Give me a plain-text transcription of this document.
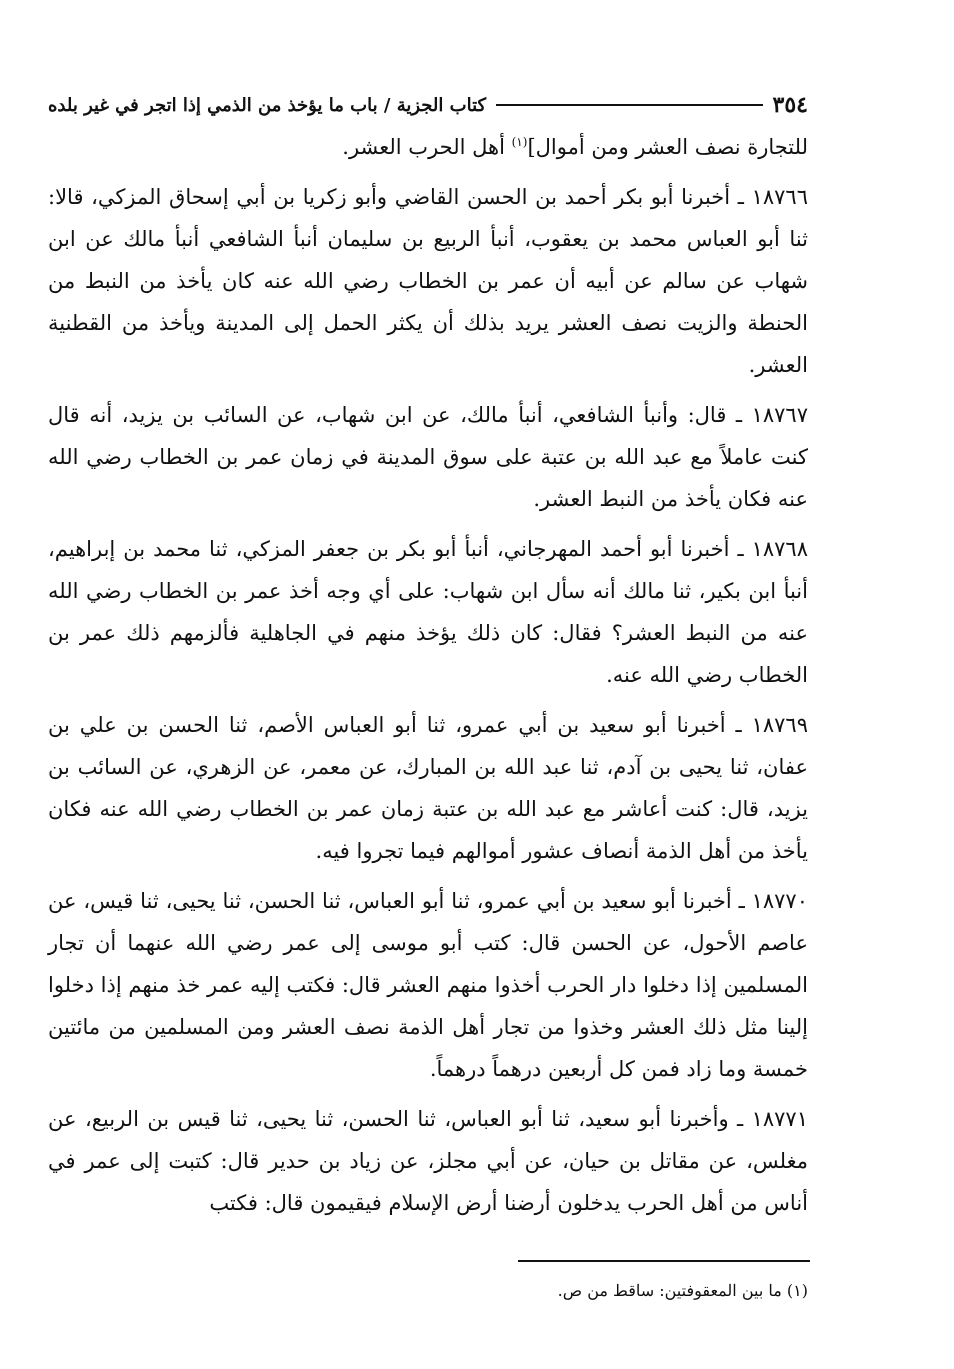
٣٥٤
كتاب الجزية / باب ما يؤخذ من الذمي إذا اتجر في غير بلده

للتجارة نصف العشر ومن أموال]$^{(١)}$ أهل الحرب العشر.

١٨٧٦٦ ـ أخبرنا أبو بكر أحمد بن الحسن القاضي وأبو زكريا بن أبي إسحاق المزكي، قالا: ثنا أبو العباس محمد بن يعقوب، أنبأ الربيع بن سليمان أنبأ الشافعي أنبأ مالك عن ابن شهاب عن سالم عن أبيه أن عمر بن الخطاب رضي الله عنه كان يأخذ من النبط من الحنطة والزيت نصف العشر يريد بذلك أن يكثر الحمل إلى المدينة ويأخذ من القطنية العشر.

١٨٧٦٧ ـ قال: وأنبأ الشافعي، أنبأ مالك، عن ابن شهاب، عن السائب بن يزيد، أنه قال كنت عاملاً مع عبد الله بن عتبة على سوق المدينة في زمان عمر بن الخطاب رضي الله عنه فكان يأخذ من النبط العشر.

١٨٧٦٨ ـ أخبرنا أبو أحمد المهرجاني، أنبأ أبو بكر بن جعفر المزكي، ثنا محمد بن إبراهيم، أنبأ ابن بكير، ثنا مالك أنه سأل ابن شهاب: على أي وجه أخذ عمر بن الخطاب رضي الله عنه من النبط العشر؟ فقال: كان ذلك يؤخذ منهم في الجاهلية فألزمهم ذلك عمر بن الخطاب رضي الله عنه.

١٨٧٦٩ ـ أخبرنا أبو سعيد بن أبي عمرو، ثنا أبو العباس الأصم، ثنا الحسن بن علي بن عفان، ثنا يحيى بن آدم، ثنا عبد الله بن المبارك، عن معمر، عن الزهري، عن السائب بن يزيد، قال: كنت أعاشر مع عبد الله بن عتبة زمان عمر بن الخطاب رضي الله عنه فكان يأخذ من أهل الذمة أنصاف عشور أموالهم فيما تجروا فيه.

١٨٧٧٠ ـ أخبرنا أبو سعيد بن أبي عمرو، ثنا أبو العباس، ثنا الحسن، ثنا يحيى، ثنا قيس، عن عاصم الأحول، عن الحسن قال: كتب أبو موسى إلى عمر رضي الله عنهما أن تجار المسلمين إذا دخلوا دار الحرب أخذوا منهم العشر قال: فكتب إليه عمر خذ منهم إذا دخلوا إلينا مثل ذلك العشر وخذوا من تجار أهل الذمة نصف العشر ومن المسلمين من مائتين خمسة وما زاد فمن كل أربعين درهماً درهماً.

١٨٧٧١ ـ وأخبرنا أبو سعيد، ثنا أبو العباس، ثنا الحسن، ثنا يحيى، ثنا قيس بن الربيع، عن مغلس، عن مقاتل بن حيان، عن أبي مجلز، عن زياد بن حدير قال: كتبت إلى عمر في أناس من أهل الحرب يدخلون أرضنا أرض الإسلام فيقيمون قال: فكتب

(١) ما بين المعقوفتين: ساقط من ص.
